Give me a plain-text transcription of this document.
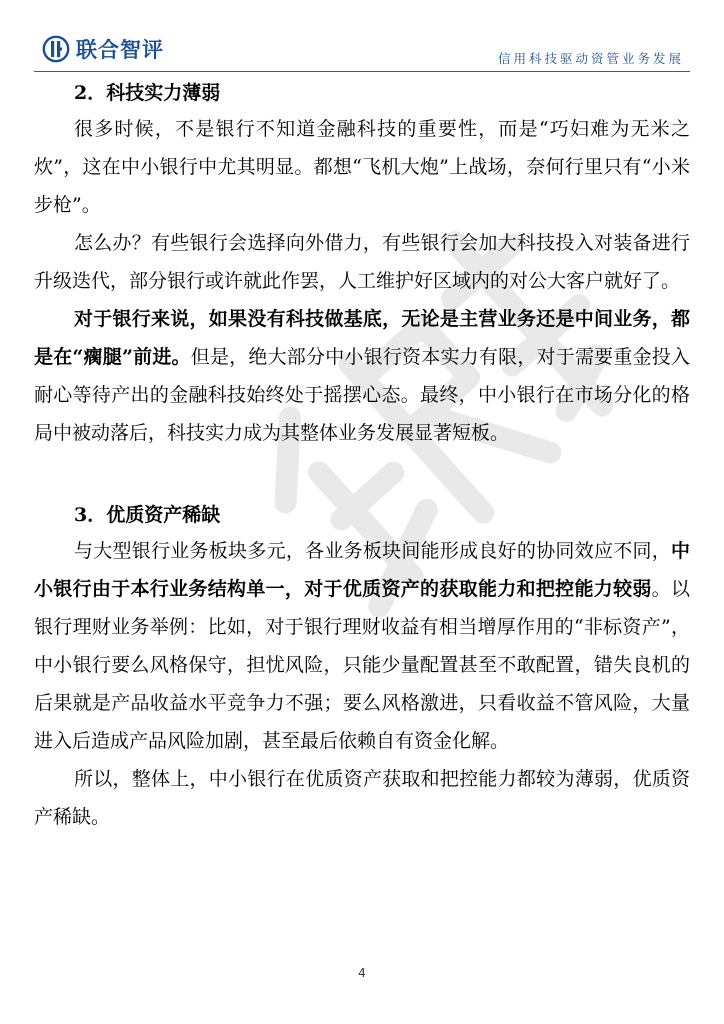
联合智评	信用科技驱动资管业务发展
2．科技实力薄弱

很多时候，不是银行不知道金融科技的重要性，而是“巧妇难为无米之炊”，这在中小银行中尤其明显。都想“飞机大炮”上战场，奈何行里只有“小米步枪”。

怎么办？有些银行会选择向外借力，有些银行会加大科技投入对装备进行升级迭代，部分银行或许就此作罢，人工维护好区域内的对公大客户就好了。

对于银行来说，如果没有科技做基底，无论是主营业务还是中间业务，都是在“瘸腿”前进。但是，绝大部分中小银行资本实力有限，对于需要重金投入耐心等待产出的金融科技始终处于摇摆心态。最终，中小银行在市场分化的格局中被动落后，科技实力成为其整体业务发展显著短板。

3．优质资产稀缺

与大型银行业务板块多元，各业务板块间能形成良好的协同效应不同，中小银行由于本行业务结构单一，对于优质资产的获取能力和把控能力较弱。以银行理财业务举例：比如，对于银行理财收益有相当增厚作用的“非标资产”，中小银行要么风格保守，担忧风险，只能少量配置甚至不敢配置，错失良机的后果就是产品收益水平竞争力不强；要么风格激进，只看收益不管风险，大量进入后造成产品风险加剧，甚至最后依赖自有资金化解。

所以，整体上，中小银行在优质资产获取和把控能力都较为薄弱，优质资产稀缺。

4
